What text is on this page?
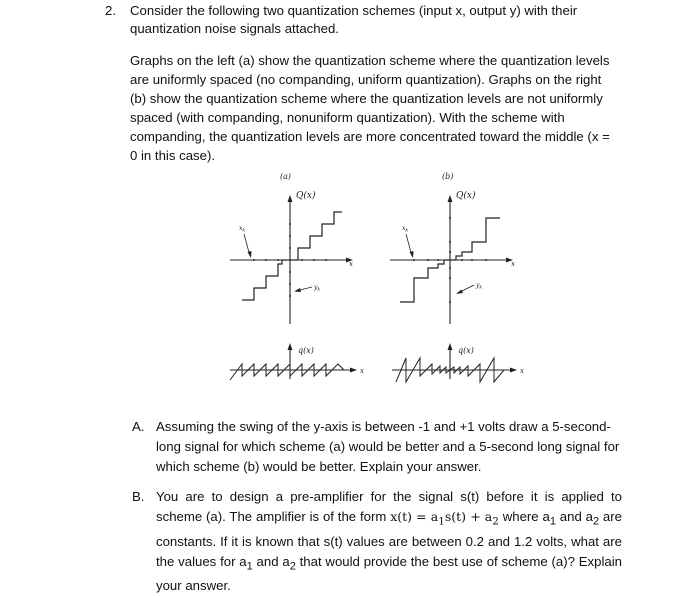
2. Consider the following two quantization schemes (input x, output y) with their quantization noise signals attached.

Graphs on the left (a) show the quantization scheme where the quantization levels are uniformly spaced (no companding, uniform quantization). Graphs on the right (b) show the quantization scheme where the quantization levels are not uniformly spaced (with companding, nonuniform quantization). With the scheme with companding, the quantization levels are more concentrated toward the middle (x = 0 in this case).

(a)
Q(x)
x
$x_k$
$y_k$
q(x)
x
(b)
Q(x)
x
$x_k$
$y_k$
q(x)
x
A. Assuming the swing of the y-axis is between -1 and +1 volts draw a 5-second-long signal for which scheme (a) would be better and a 5-second long signal for which scheme (b) would be better. Explain your answer.

B. You are to design a pre-amplifier for the signal s(t) before it is applied to scheme (a). The amplifier is of the form $x(t) = a_1s(t) + a_2$ where $a_1$ and $a_2$ are constants. If it is known that s(t) values are between 0.2 and 1.2 volts, what are the values for $a_1$ and $a_2$ that would provide the best use of scheme (a)? Explain your answer.
